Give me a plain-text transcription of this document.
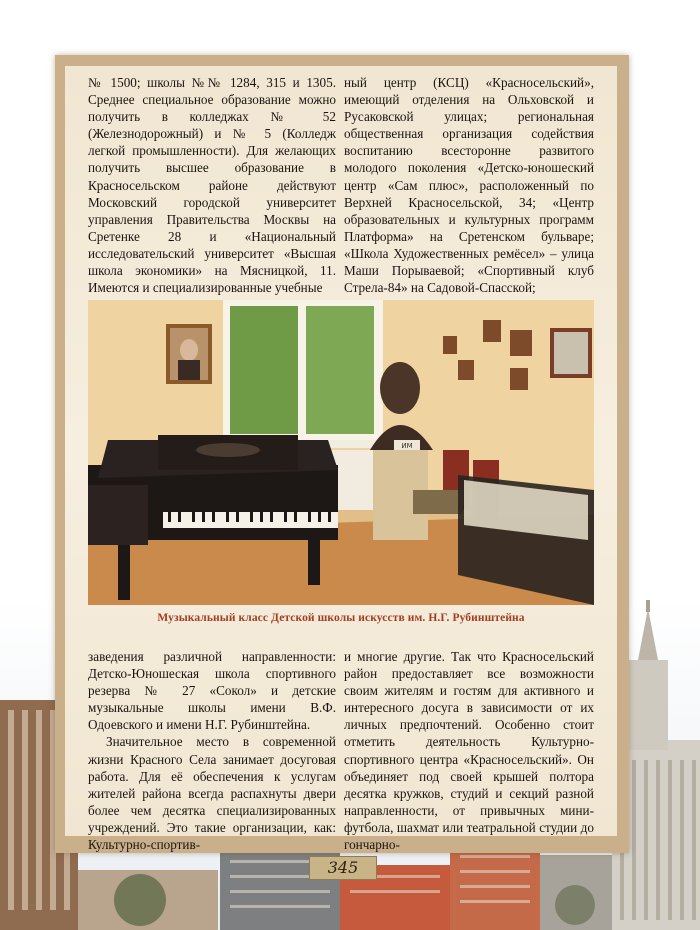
№ 1500; школы №№ 1284, 315 и 1305. Среднее специальное образование можно получить в колледжах № 52 (Железнодорожный) и № 5 (Колледж легкой промышленности). Для желающих получить высшее образование в Красносельском районе действуют Московский городской университет управления Правительства Москвы на Сретенке 28 и «Национальный исследовательский университет «Высшая школа экономики» на Мясницкой, 11. Имеются и специализированные учебные

ный центр (КСЦ) «Красносельский», имеющий отделения на Ольховской и Русаковской улицах; региональная общественная организация содействия воспитанию всесторонне развитого молодого поколения «Детско-юношеский центр «Сам плюс», расположенный по Верхней Красносельской, 34; «Центр образовательных и культурных программ Платформа» на Сретенском бульваре; «Школа Художественных ремёсел» – улица Маши Порываевой; «Спортивный клуб Стрела-84» на Садовой-Спасской;

ИМ
Музыкальный класс Детской школы искусств им. Н.Г. Рубинштейна

заведения различной направленности: Детско-Юношеская школа спортивного резерва № 27 «Сокол» и детские музыкальные школы имени В.Ф. Одоевского и имени Н.Г. Рубинштейна.

Значительное место в современной жизни Красного Села занимает досуговая работа. Для её обеспечения к услугам жителей района всегда распахнуты двери более чем десятка специализированных учреждений. Это такие организации, как: Культурно-спортив-

и многие другие. Так что Красносельский район предоставляет все возможности своим жителям и гостям для активного и интересного досуга в зависимости от их личных предпочтений. Особенно стоит отметить деятельность Культурно-спортивного центра «Красносельский». Он объединяет под своей крышей полтора десятка кружков, студий и секций разной направленности, от привычных мини-футбола, шахмат или театральной студии до гончарно-

345
